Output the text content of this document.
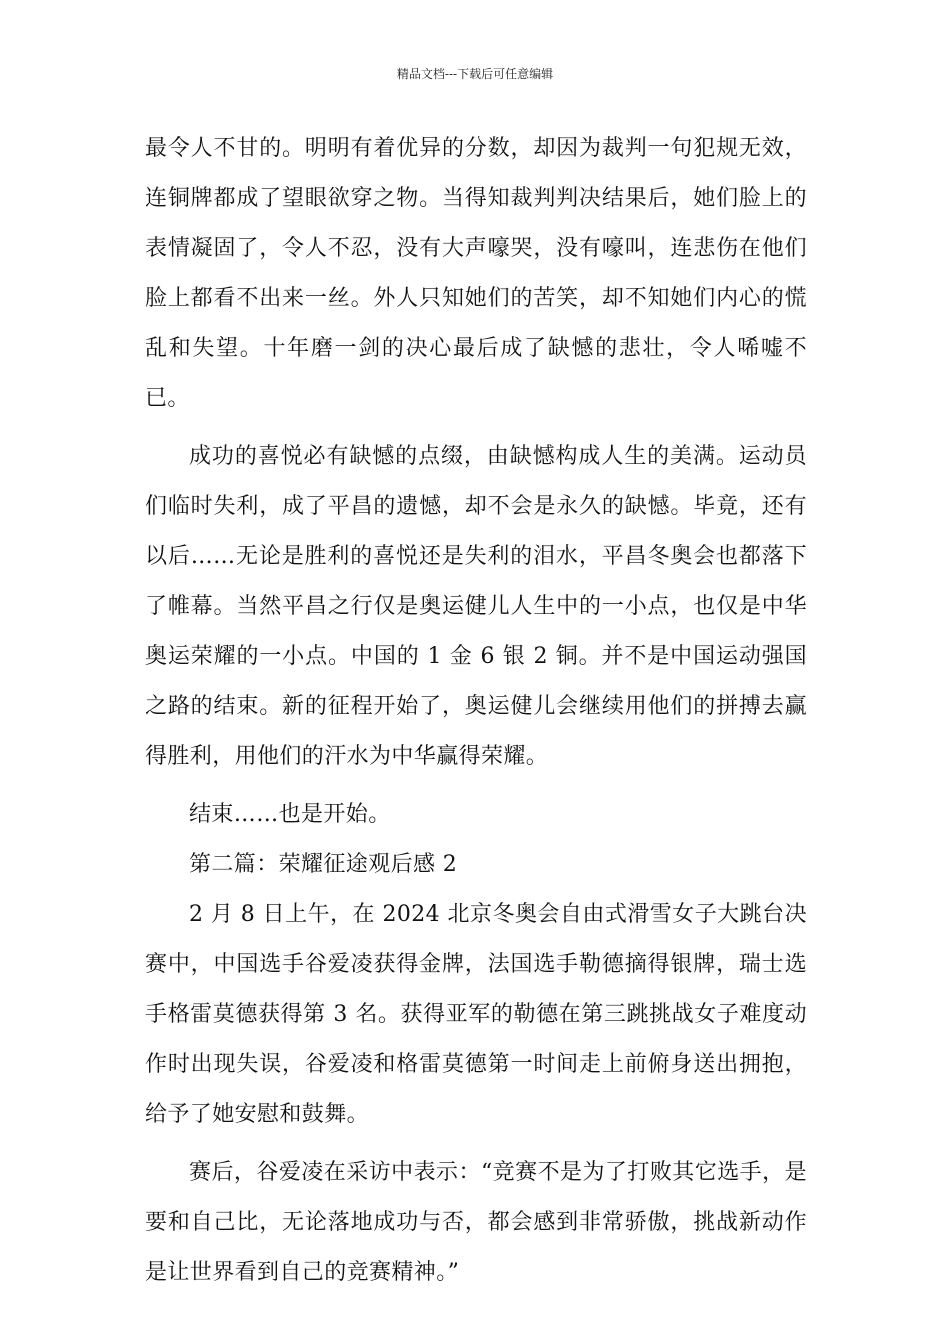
精品文档---下载后可任意编辑

最令人不甘的。明明有着优异的分数，却因为裁判一句犯规无效，连铜牌都成了望眼欲穿之物。当得知裁判判决结果后，她们脸上的表情凝固了，令人不忍，没有大声嚎哭，没有嚎叫，连悲伤在他们脸上都看不出来一丝。外人只知她们的苦笑，却不知她们内心的慌乱和失望。十年磨一剑的决心最后成了缺憾的悲壮，令人唏嘘不已。

成功的喜悦必有缺憾的点缀，由缺憾构成人生的美满。运动员们临时失利，成了平昌的遗憾，却不会是永久的缺憾。毕竟，还有以后……无论是胜利的喜悦还是失利的泪水，平昌冬奥会也都落下了帷幕。当然平昌之行仅是奥运健儿人生中的一小点，也仅是中华奥运荣耀的一小点。中国的 1 金 6 银 2 铜。并不是中国运动强国之路的结束。新的征程开始了，奥运健儿会继续用他们的拼搏去赢得胜利，用他们的汗水为中华赢得荣耀。

结束……也是开始。

第二篇：荣耀征途观后感 2

2 月 8 日上午，在 2024 北京冬奥会自由式滑雪女子大跳台决赛中，中国选手谷爱凌获得金牌，法国选手勒德摘得银牌，瑞士选手格雷莫德获得第 3 名。获得亚军的勒德在第三跳挑战女子难度动作时出现失误，谷爱凌和格雷莫德第一时间走上前俯身送出拥抱，给予了她安慰和鼓舞。

赛后，谷爱凌在采访中表示：“竞赛不是为了打败其它选手，是要和自己比，无论落地成功与否，都会感到非常骄傲，挑战新动作是让世界看到自己的竞赛精神。”
